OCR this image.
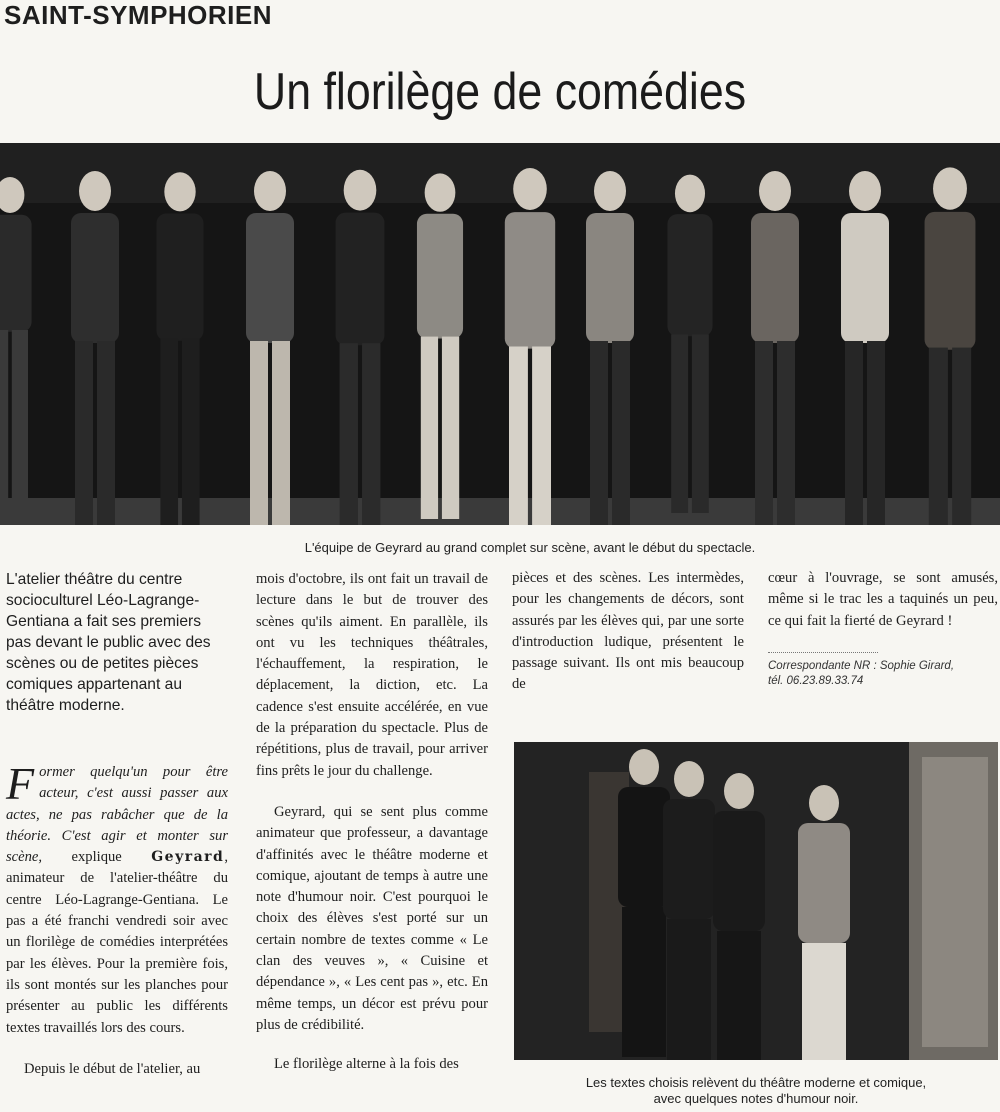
SAINT-SYMPHORIEN
Un florilège de comédies
L'équipe de Geyrard au grand complet sur scène, avant le début du spectacle.

L'atelier théâtre du centre socioculturel Léo-Lagrange-Gentiana a fait ses premiers pas devant le public avec des scènes ou de petites pièces comiques appartenant au théâtre moderne.

Former quelqu'un pour être acteur, c'est aussi passer aux actes, ne pas rabâcher que de la théorie. C'est agir et monter sur scène, explique Geyrard, animateur de l'atelier-théâtre du centre Léo-Lagrange-Gentiana. Le pas a été franchi vendredi soir avec un florilège de comédies interprétées par les élèves. Pour la première fois, ils sont montés sur les planches pour présenter au public les différents textes travaillés lors des cours.

Depuis le début de l'atelier, au

mois d'octobre, ils ont fait un travail de lecture dans le but de trouver des scènes qu'ils aiment. En parallèle, ils ont vu les techniques théâtrales, l'échauffement, la respiration, le déplacement, la diction, etc. La cadence s'est ensuite accélérée, en vue de la préparation du spectacle. Plus de répétitions, plus de travail, pour arriver fins prêts le jour du challenge.

Geyrard, qui se sent plus comme animateur que professeur, a davantage d'affinités avec le théâtre moderne et comique, ajoutant de temps à autre une note d'humour noir. C'est pourquoi le choix des élèves s'est porté sur un certain nombre de textes comme « Le clan des veuves », « Cuisine et dépendance », « Les cent pas », etc. En même temps, un décor est prévu pour plus de crédibilité.

Le florilège alterne à la fois des

pièces et des scènes. Les intermèdes, pour les changements de décors, sont assurés par les élèves qui, par une sorte d'introduction ludique, présentent le passage suivant. Ils ont mis beaucoup de

cœur à l'ouvrage, se sont amusés, même si le trac les a taquinés un peu, ce qui fait la fierté de Geyrard !

Correspondante NR : Sophie Girard,
tél. 06.23.89.33.74
Les textes choisis relèvent du théâtre moderne et comique,
avec quelques notes d'humour noir.
